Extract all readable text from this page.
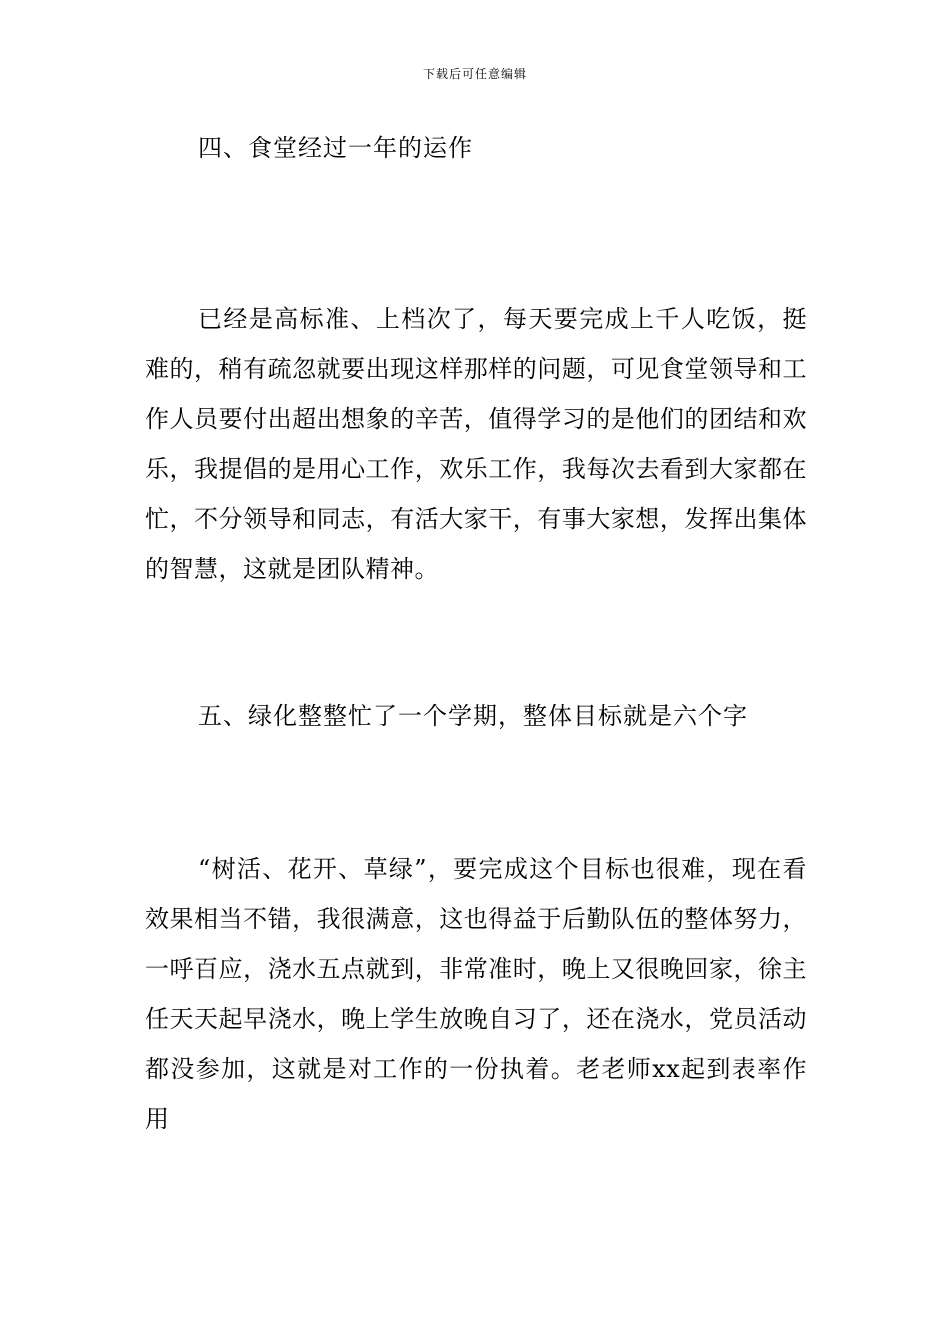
下载后可任意编辑

四、食堂经过一年的运作

已经是高标准、上档次了，每天要完成上千人吃饭，挺难的，稍有疏忽就要出现这样那样的问题，可见食堂领导和工作人员要付出超出想象的辛苦，值得学习的是他们的团结和欢乐，我提倡的是用心工作，欢乐工作，我每次去看到大家都在忙，不分领导和同志，有活大家干，有事大家想，发挥出集体的智慧，这就是团队精神。

五、绿化整整忙了一个学期，整体目标就是六个字

“树活、花开、草绿”，要完成这个目标也很难，现在看效果相当不错，我很满意，这也得益于后勤队伍的整体努力，一呼百应，浇水五点就到，非常准时，晚上又很晚回家，徐主任天天起早浇水，晚上学生放晚自习了，还在浇水，党员活动都没参加，这就是对工作的一份执着。老老师xx起到表率作用
